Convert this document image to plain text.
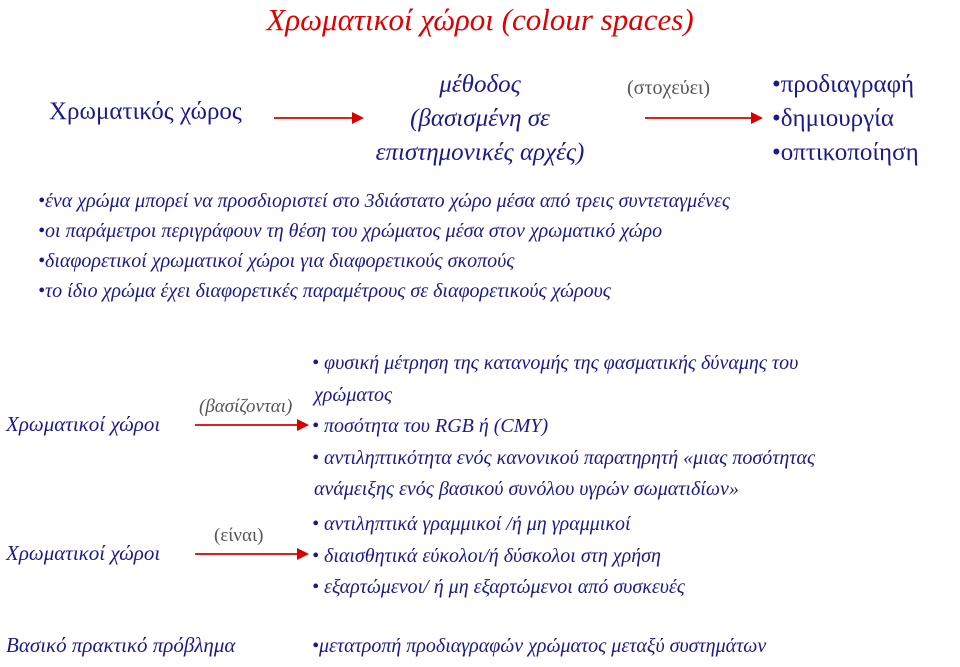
Χρωματικοί χώροι (colour spaces)
Χρωματικός χώρος
μέθοδος
(βασισμένη σε
επιστημονικές αρχές)
(στοχεύει) •προδιαγραφή
•δημιουργία
•οπτικοποίηση
•ένα χρώμα μπορεί να προσδιοριστεί στο 3διάστατο χώρο μέσα από τρεις συντεταγμένες
•οι παράμετροι περιγράφουν τη θέση του χρώματος μέσα στον χρωματικό χώρο
•διαφορετικοί χρωματικοί χώροι για διαφορετικούς σκοπούς
•το ίδιο χρώμα έχει διαφορετικές παραμέτρους σε διαφορετικούς χώρους
Χρωματικοί χώροι
(βασίζονται)
• φυσική μέτρηση της κατανομής της φασματικής δύναμης του
χρώματος
• ποσότητα του RGB ή (CMY)
• αντιληπτικότητα ενός κανονικού παρατηρητή «μιας ποσότητας
ανάμειξης ενός βασικού συνόλου υγρών σωματιδίων»
Χρωματικοί χώροι
(είναι)
• αντιληπτικά γραμμικοί /ή μη γραμμικοί
• διαισθητικά εύκολοι/ή δύσκολοι στη χρήση
• εξαρτώμενοι/ ή μη εξαρτώμενοι από συσκευές
Βασικό πρακτικό πρόβλημα	•μετατροπή προδιαγραφών χρώματος μεταξύ συστημάτων
